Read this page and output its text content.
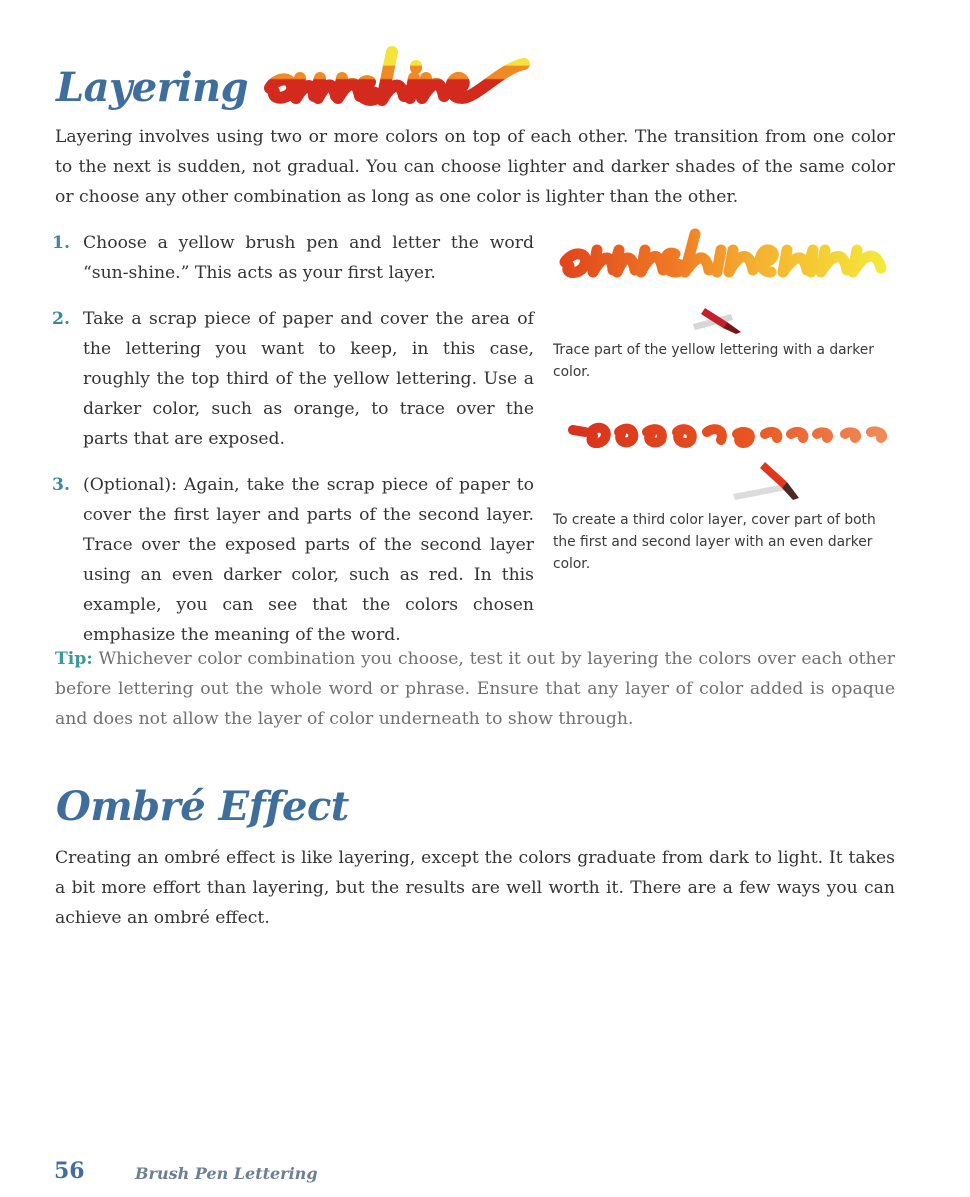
Layering

Layering involves using two or more colors on top of each other. The transition from one color to the next is sudden, not gradual. You can choose lighter and darker shades of the same color or choose any other combination as long as one color is lighter than the other.

1. Choose a yellow brush pen and letter the word “sun-shine.” This acts as your first layer.
2. Take a scrap piece of paper and cover the area of the lettering you want to keep, in this case, roughly the top third of the yellow lettering. Use a darker color, such as orange, to trace over the parts that are exposed.
3. (Optional): Again, take the scrap piece of paper to cover the first layer and parts of the second layer. Trace over the exposed parts of the second layer using an even darker color, such as red. In this example, you can see that the colors chosen emphasize the meaning of the word.

Trace part of the yellow lettering with a darker color.

To create a third color layer, cover part of both the first and second layer with an even darker color.

Tip: Whichever color combination you choose, test it out by layering the colors over each other before lettering out the whole word or phrase. Ensure that any layer of color added is opaque and does not allow the layer of color underneath to show through.

Ombré Effect

Creating an ombré effect is like layering, except the colors graduate from dark to light. It takes a bit more effort than layering, but the results are well worth it. There are a few ways you can achieve an ombré effect.

56	Brush Pen Lettering
